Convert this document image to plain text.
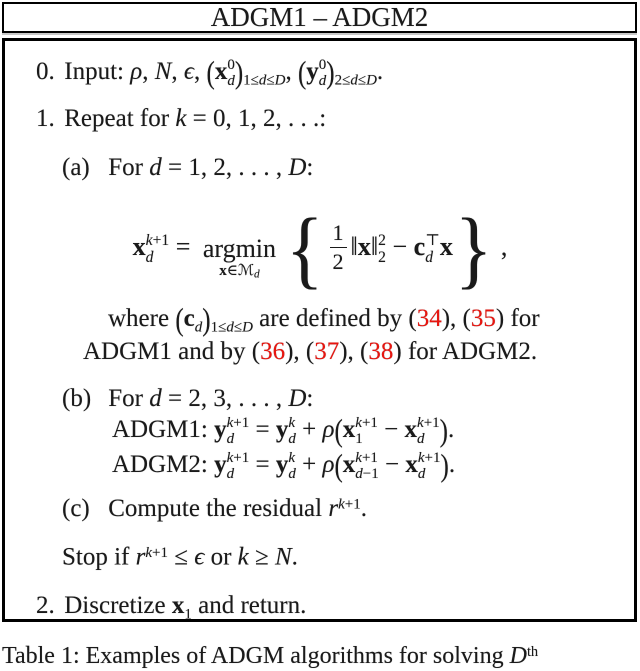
ADGM1 – ADGM2
0. Input: ρ, N, ϵ, (x 0
d )$_{1\le d\le D}$, (y 0
d )$_{2\le d\le D}$.
1. Repeat for k = 0, 1, 2, . . .:
(a) For d = 1, 2, . . . , D:
x k+1
d = argmin
x∈ℳd { $\frac{1}{2}$ ‖x‖ 2
2 − c ⊤
d x} ,
where $(c_d)_{1\le d\le D}$ are defined by (34), (35) for
ADGM1 and by (36), (37), (38) for ADGM2.
(b) For d = 2, 3, . . . , D:
ADGM1: y k+1
d = y k
d + ρ(x k+1
1 − x k+1
d ).
ADGM2: y k+1
d = y k
d + ρ(x k+1
d−1 − x k+1
d ).
(c) Compute the residual $r^{k+1}$.
Stop if $r^{k+1} \le \epsilon$ or k ≥ N.
2. Discretize $x_1$ and return.
Table 1: Examples of ADGM algorithms for solving Dth
